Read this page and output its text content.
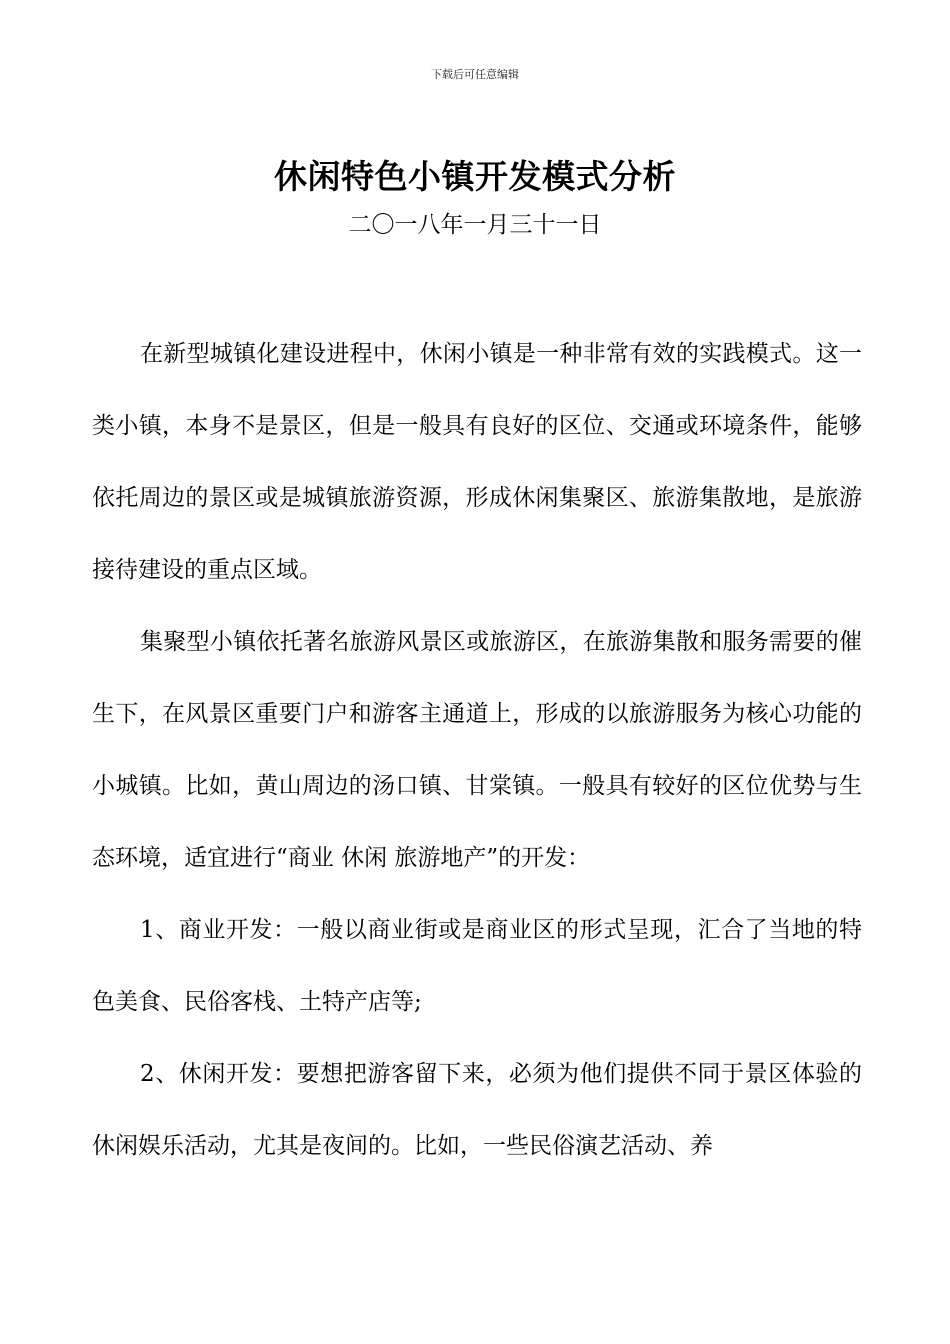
下载后可任意编辑
休闲特色小镇开发模式分析
二〇一八年一月三十一日

在新型城镇化建设进程中，休闲小镇是一种非常有效的实践模式。这一类小镇，本身不是景区，但是一般具有良好的区位、交通或环境条件，能够依托周边的景区或是城镇旅游资源，形成休闲集聚区、旅游集散地，是旅游接待建设的重点区域。

集聚型小镇依托著名旅游风景区或旅游区，在旅游集散和服务需要的催生下，在风景区重要门户和游客主通道上，形成的以旅游服务为核心功能的小城镇。比如，黄山周边的汤口镇、甘棠镇。一般具有较好的区位优势与生态环境，适宜进行“商业 休闲 旅游地产”的开发：

1、商业开发：一般以商业街或是商业区的形式呈现，汇合了当地的特色美食、民俗客栈、土特产店等;

2、休闲开发：要想把游客留下来，必须为他们提供不同于景区体验的休闲娱乐活动，尤其是夜间的。比如，一些民俗演艺活动、养
